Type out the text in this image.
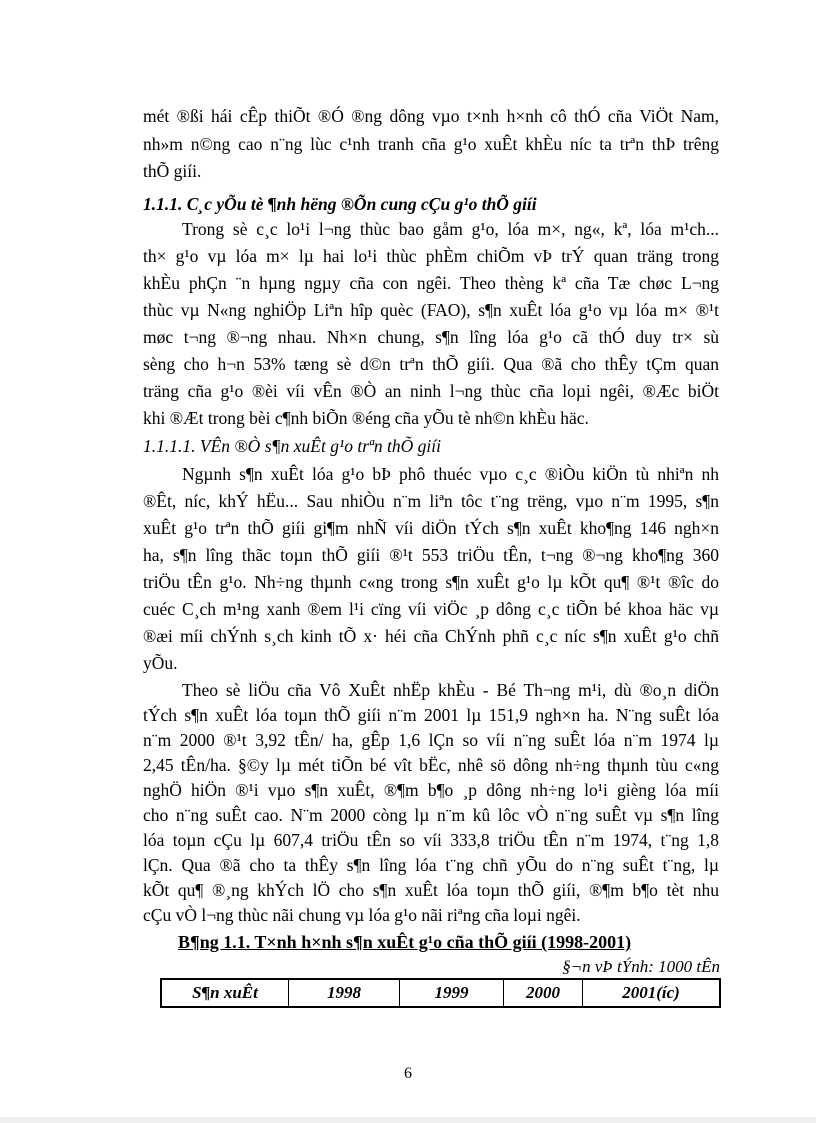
mét ®ßi hái cÊp thiÕt ®Ó ®ng dông vµo t×nh h×nh cô thÓ cña ViÖt Nam,
nh»m n©ng cao n¨ng lùc c¹nh tranh cña g¹o xuÊt khÈu níc ta trªn thÞ trêng
thÕ giíi.
1.1.1. C¸c yÕu tè ¶nh hëng ®Õn cung cÇu g¹o thÕ giíi
Trong sè c¸c lo¹i l¬ng thùc bao gåm g¹o, lóa m×, ng«, kª, lóa m¹ch...
th× g¹o vµ lóa m× lµ hai lo¹i thùc phÈm chiÕm vÞ trÝ quan träng trong
khÈu phÇn ¨n hµng ngµy cña con ngêi. Theo thèng kª cña Tæ chøc L¬ng
thùc vµ N«ng nghiÖp Liªn hîp quèc (FAO), s¶n xuÊt lóa g¹o vµ lóa m× ®¹t
møc t¬ng ®¬ng nhau. Nh×n chung, s¶n lîng lóa g¹o cã thÓ duy tr× sù
sèng cho h¬n 53% tæng sè d©n trªn thÕ giíi. Qua ®ã cho thÊy tÇm quan
träng cña g¹o ®èi víi vÊn ®Ò an ninh l¬ng thùc cña loµi ngêi, ®Æc biÖt
khi ®Æt trong bèi c¶nh biÕn ®éng cña yÕu tè nh©n khÈu häc.
1.1.1.1. VÊn ®Ò s¶n xuÊt g¹o trªn thÕ giíi
Ngµnh s¶n xuÊt lóa g¹o bÞ phô thuéc vµo c¸c ®iÒu kiÖn tù nhiªn nh
®Êt, níc, khÝ hËu... Sau nhiÒu n¨m liªn tôc t¨ng trëng, vµo n¨m 1995, s¶n
xuÊt g¹o trªn thÕ giíi gi¶m nhÑ víi diÖn tÝch s¶n xuÊt kho¶ng 146 ngh×n
ha, s¶n lîng thãc toµn thÕ giíi ®¹t 553 triÖu tÊn, t¬ng ®¬ng kho¶ng 360
triÖu tÊn g¹o. Nh÷ng thµnh c«ng trong s¶n xuÊt g¹o lµ kÕt qu¶ ®¹t ®îc do
cuéc C¸ch m¹ng xanh ®em l¹i cïng víi viÖc ¸p dông c¸c tiÕn bé khoa häc vµ
®æi míi chÝnh s¸ch kinh tÕ x· héi cña ChÝnh phñ c¸c níc s¶n xuÊt g¹o chñ
yÕu.
Theo sè liÖu cña Vô XuÊt nhËp khÈu - Bé Th¬ng m¹i, dù ®o¸n diÖn
tÝch s¶n xuÊt lóa toµn thÕ giíi n¨m 2001 lµ 151,9 ngh×n ha. N¨ng suÊt lóa
n¨m 2000 ®¹t 3,92 tÊn/ ha, gÊp 1,6 lÇn so víi n¨ng suÊt lóa n¨m 1974 lµ
2,45 tÊn/ha. §©y lµ mét tiÕn bé vît bËc, nhê sö dông nh÷ng thµnh tùu c«ng
nghÖ hiÖn ®¹i vµo s¶n xuÊt, ®¶m b¶o ¸p dông nh÷ng lo¹i gièng lóa míi
cho n¨ng suÊt cao. N¨m 2000 còng lµ n¨m kû lôc vÒ n¨ng suÊt vµ s¶n lîng
lóa toµn cÇu lµ 607,4 triÖu tÊn so víi 333,8 triÖu tÊn n¨m 1974, t¨ng 1,8
lÇn. Qua ®ã cho ta thÊy s¶n lîng lóa t¨ng chñ yÕu do n¨ng suÊt t¨ng, lµ
kÕt qu¶ ®¸ng khÝch lÖ cho s¶n xuÊt lóa toµn thÕ giíi, ®¶m b¶o tèt nhu
B¶ng 1.1. T×nh h×nh s¶n xuÊt g¹o cña thÕ giíi (1998-2001)
§¬n vÞ tÝnh: 1000 tÊn
S¶n xuÊt	1998	1999	2000	2001(íc)
6
cÇu vÒ l¬ng thùc nãi chung vµ lóa g¹o nãi riªng cña loµi ngêi.
